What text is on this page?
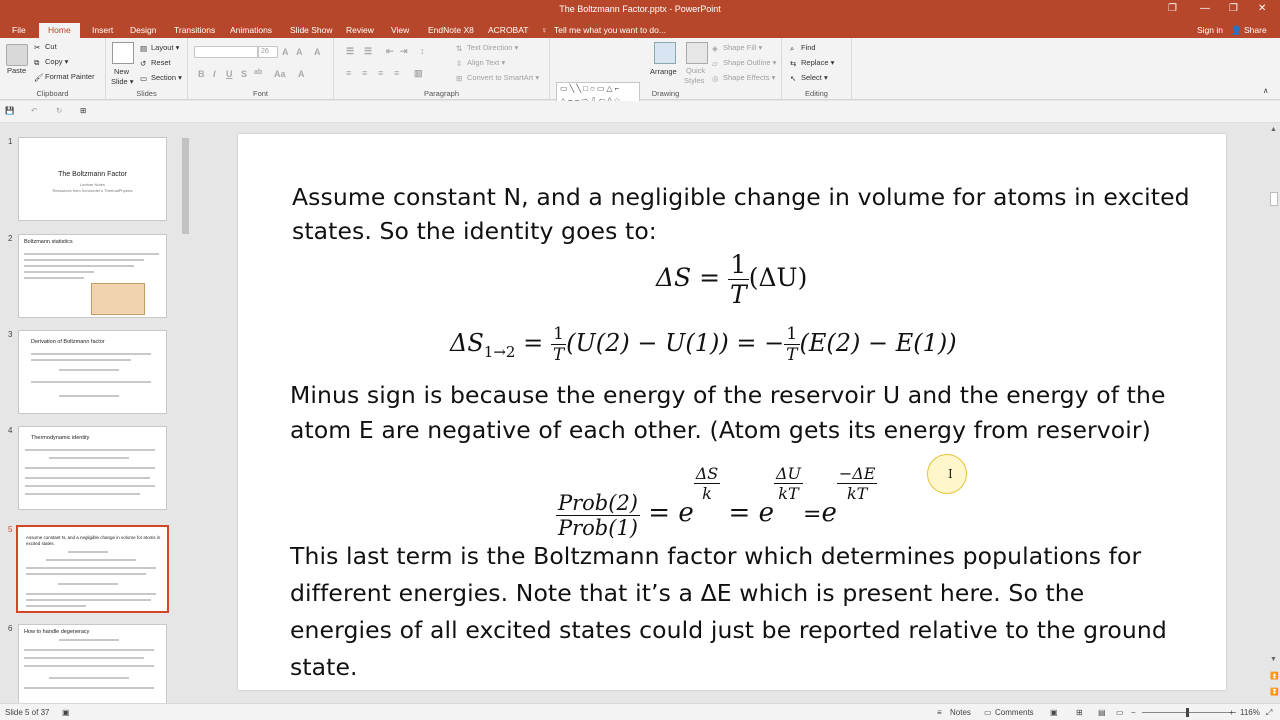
The Boltzmann Factor.pptx - PowerPoint	❐ — ❐ ✕
File	Home	Insert Design Transitions Animations Slide Show Review View EndNote X8 ACROBAT ♀ Tell me what you want to do...	Sign in 👤 Share
Paste
✂ Cut
⧉ Copy ▾
🖌Format Painter
Clipboard
New
Slide ▾
▤ Layout ▾
↺ Reset
▭ Section ▾
Slides
26	A A A
B I U S ab Aa A
Font
☰ ☰ ⇤ ⇥ ↕
≡ ≡ ≡ ≡ ▥
⇅ Text Direction ▾
⇳ Align Text ▾
⊞ Convert to SmartArt ▾
Paragraph	Drawing
Arrange Quick
Styles
◈ Shape Fill ▾
▱ Shape Outline ▾
◎ Shape Effects ▾
▭╲╲□○▭△⌐

⌕ Find
⇆ Replace ▾
↖ Select ▾
Editing	∧
💾 ↶ ↻ ⊞
1
The Boltzmann Factor
Lecture Notes
Resources from Schroeder's ThermalPhysics
2 Boltzmann statistics
3
Derivation of Boltzmann factor
4
Thermodynamic identity
5
Assume constant N, and a negligible change in volume for atoms in excited states.
6 How to handle degeneracy
Assume constant N, and a negligible change in volume for atoms in excited states. So the identity goes to:
$\Delta S = \frac{1}{T} (\Delta U)$
$\Delta S_{1\to 2} = \frac{1}{T} (U(2) - U(1))$ = − $\frac{1}{T} (E(2) - E(1))$
Minus sign is because the energy of the reservoir U and the energy of the atom E are negative of each other. (Atom gets its energy from reservoir)
$\frac{\text{Prob(2)}}{\text{Prob(1)}} = e$
$\frac{\Delta S}{k}$
= e
$\frac{\Delta U}{kT}$
=e
$\frac{-\Delta E}{kT}$
This last term is the Boltzmann factor which determines populations for different energies. Note that it’s a ΔE which is present here. So the energies of all excited states could just be reported relative to the ground state.
I
▲
▼
⏫
⏬
Slide 5 of 37 ▣	≡ Notes ▭ Comments ▣ ⊞ ▤ ▭ −	+ 116% ⤢
